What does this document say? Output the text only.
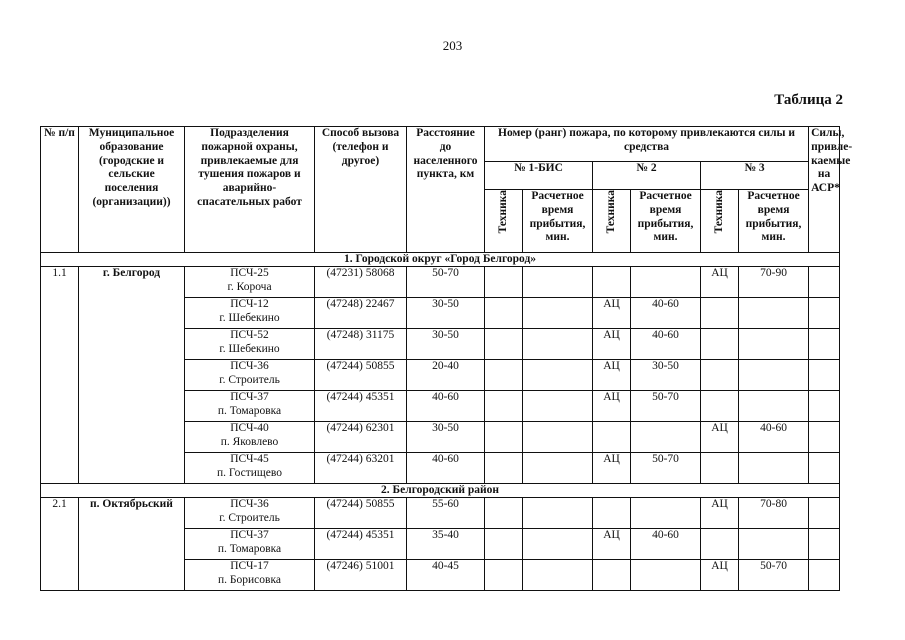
203
Таблица 2
№ п/п	Муниципальное образование (городские и сельские поселения (организации))	Подразделения пожарной охраны, привлекаемые для тушения пожаров и аварийно-спасательных работ	Способ вызова (телефон и другое)	Расстояние до населенного пункта, км	Номер (ранг) пожара, по которому привлекаются силы и средства						Силы, привле-каемые на АСР*
					№ 1-БИС		№ 2		№ 3		

					Техника	Расчетное время прибытия, мин.	Техника	Расчетное время прибытия, мин.	Техника	Расчетное время прибытия, мин.	
1. Городской округ «Город Белгород»											
1.1	г. Белгород	ПСЧ-25
г. Короча	(47231) 58068	50-70					АЦ	70-90	

		ПСЧ-12
г. Шебекино	(47248) 22467	30-50			АЦ	40-60			

		ПСЧ-52
г. Шебекино	(47248) 31175	30-50			АЦ	40-60			

		ПСЧ-36
г. Строитель	(47244) 50855	20-40			АЦ	30-50			

		ПСЧ-37
п. Томаровка	(47244) 45351	40-60			АЦ	50-70			

		ПСЧ-40
п. Яковлево	(47244) 62301	30-50					АЦ	40-60	

		ПСЧ-45
п. Гостищево	(47244) 63201	40-60			АЦ	50-70			
2. Белгородский район											
2.1	п. Октябрьский	ПСЧ-36
г. Строитель	(47244) 50855	55-60					АЦ	70-80	

		ПСЧ-37
п. Томаровка	(47244) 45351	35-40			АЦ	40-60			

		ПСЧ-17
п. Борисовка	(47246) 51001	40-45					АЦ	50-70	
